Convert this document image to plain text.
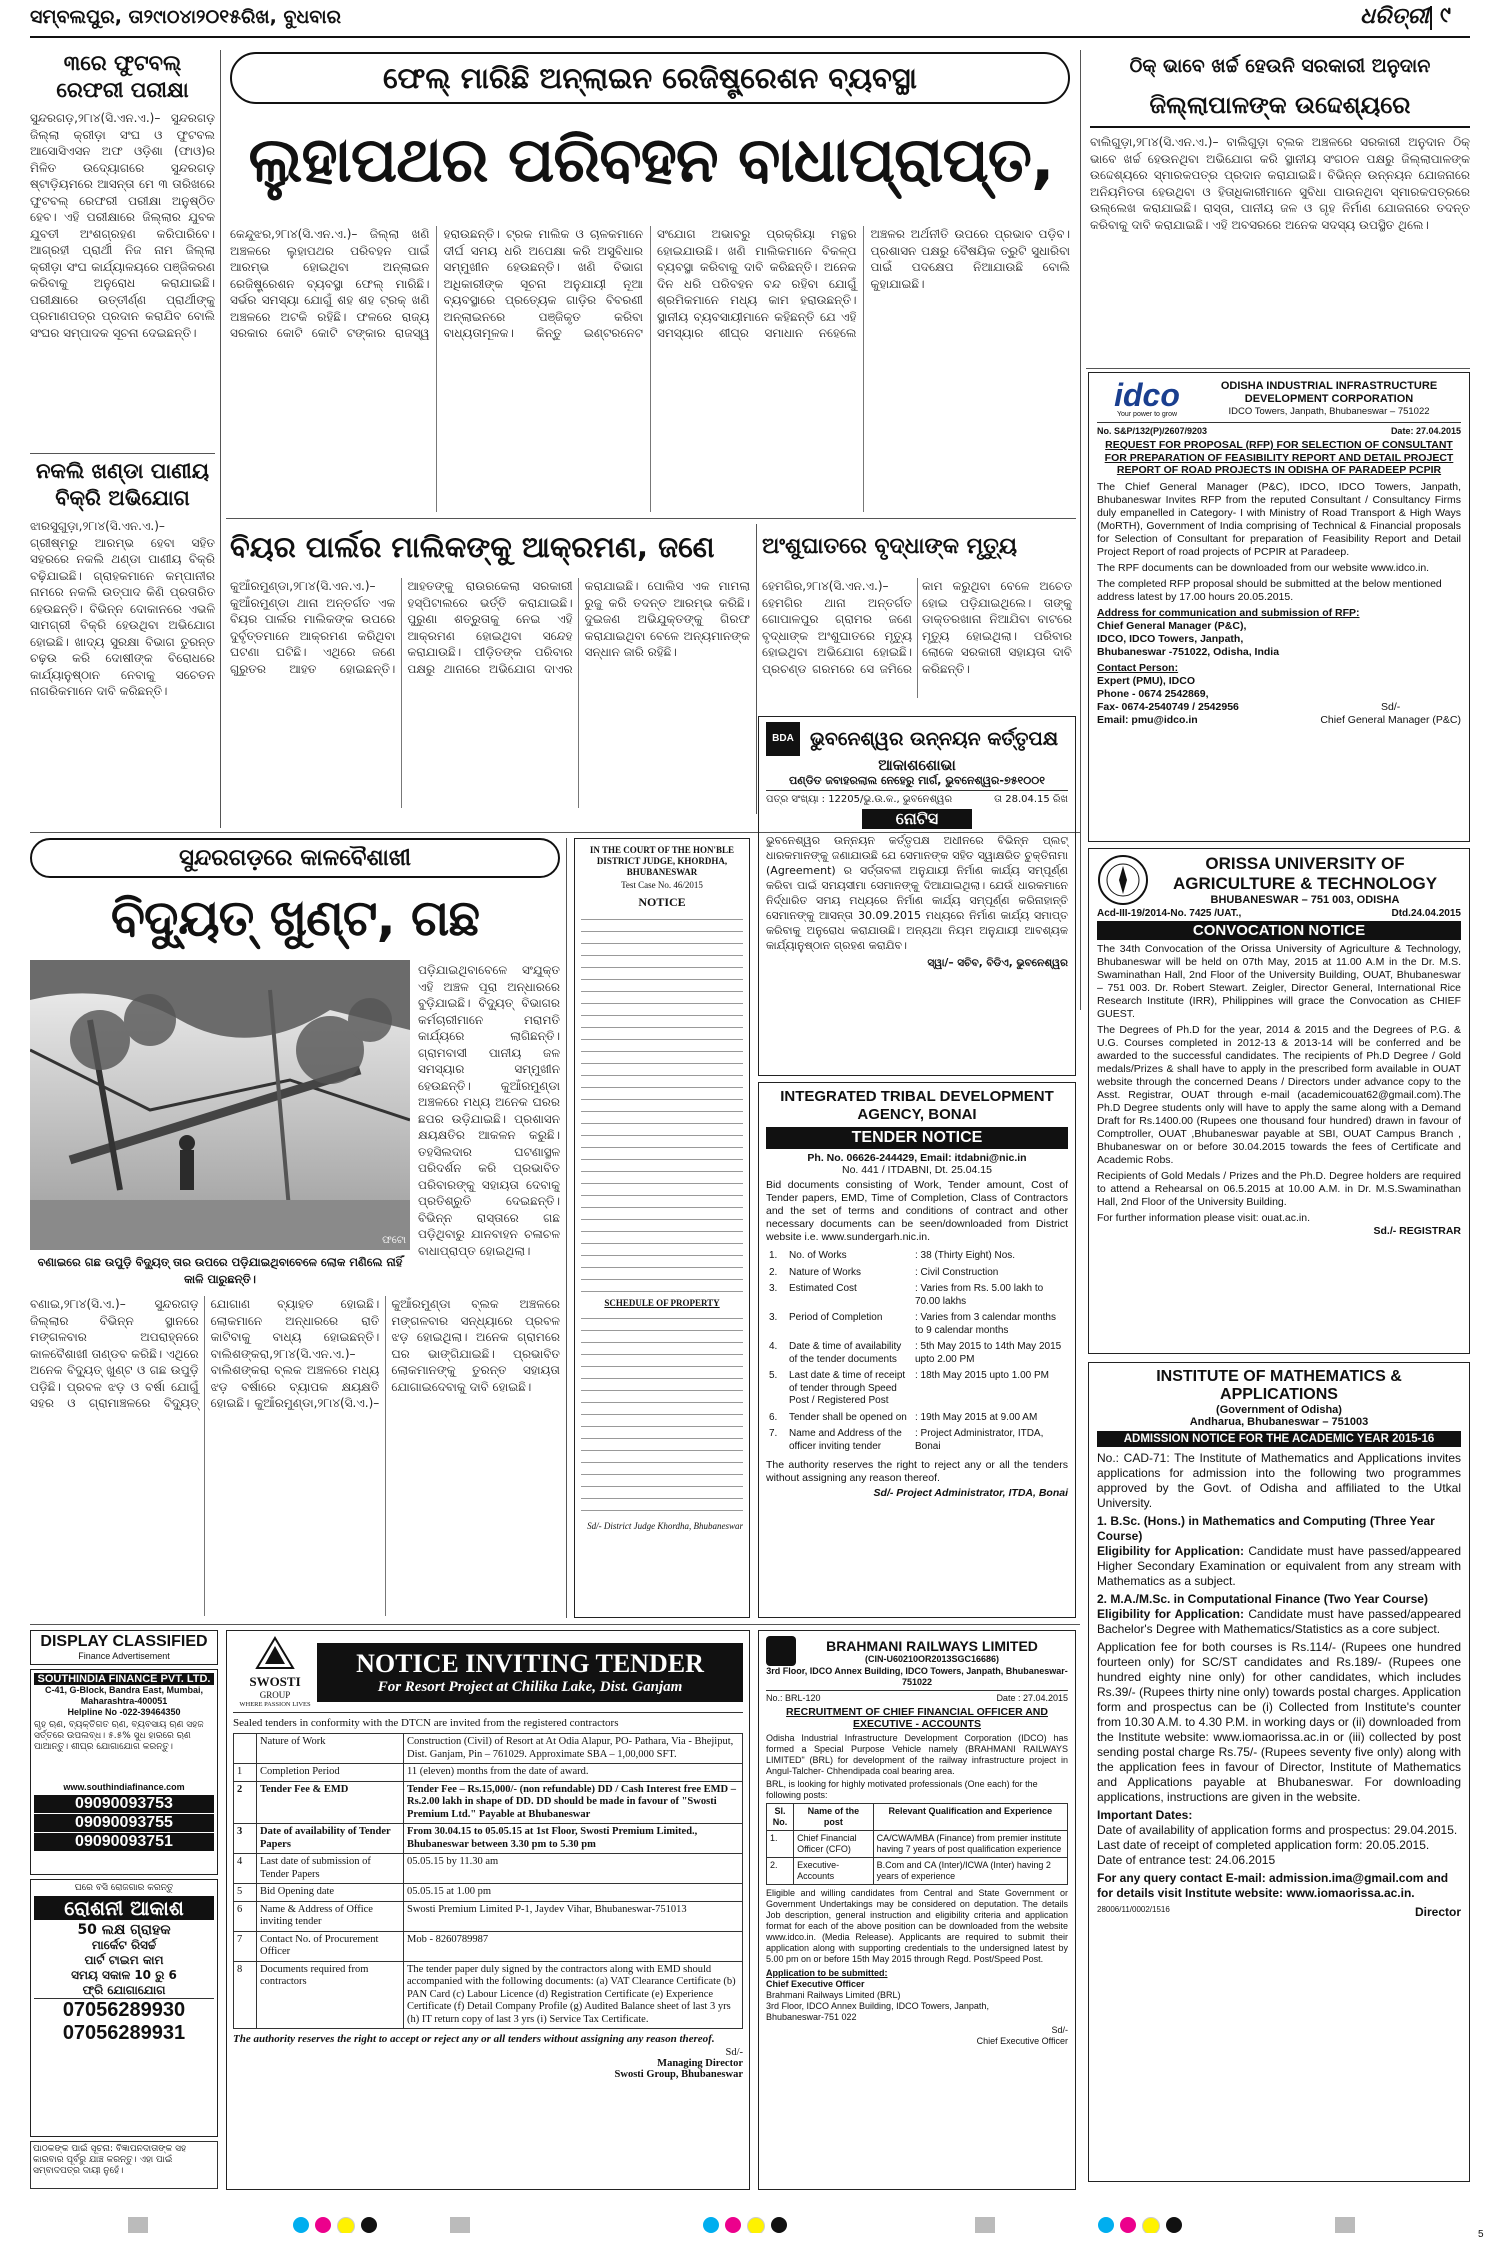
ସମ୍ବଲପୁର, ତା୨୯ାଠ୪ା୨୦୧୫ରିଖ, ବୁଧବାର	ଧରିତ୍ରୀ ୯
୩ରେ ଫୁଟବଲ୍ ରେଫରୀ ପରୀକ୍ଷା
ସୁନ୍ଦରଗଡ଼,୨୮ା୪(ସି.ଏନ.ଏ.)– ସୁନ୍ଦରଗଡ଼ ଜିଲ୍ଲା କ୍ରୀଡ଼ା ସଂଘ ଓ ଫୁଟବଲ ଆସୋସିଏସନ ଅଫ ଓଡ଼ିଶା (ଫାଓ)ର ମିଳିତ ଉଦ୍ୟୋଗରେ ସୁନ୍ଦରଗଡ଼ ଷ୍ଟାଡ଼ିୟମରେ ଆସନ୍ତା ମେ ୩ ତାରିଖରେ ଫୁଟବଲ୍ ରେଫରୀ ପରୀକ୍ଷା ଅନୁଷ୍ଠିତ ହେବ। ଏହି ପରୀକ୍ଷାରେ ଜିଲ୍ଲାର ଯୁବକ ଯୁବତୀ ଅଂଶଗ୍ରହଣ କରିପାରିବେ। ଆଗ୍ରହୀ ପ୍ରାର୍ଥୀ ନିଜ ନାମ ଜିଲ୍ଲା କ୍ରୀଡ଼ା ସଂଘ କାର୍ଯ୍ୟାଳୟରେ ପଞ୍ଜିକରଣ କରିବାକୁ ଅନୁରୋଧ କରାଯାଇଛି। ପରୀକ୍ଷାରେ ଉତ୍ତୀର୍ଣ୍ଣ ପ୍ରାର୍ଥୀଙ୍କୁ ପ୍ରମାଣପତ୍ର ପ୍ରଦାନ କରାଯିବ ବୋଲି ସଂଘର ସମ୍ପାଦକ ସୂଚନା ଦେଇଛନ୍ତି।
ନକଲି ଖଣ୍ଡା ପାଣୀୟ ବିକ୍ରି ଅଭିଯୋଗ
ଝାରସୁଗୁଡ଼ା,୨୮ା୪(ସି.ଏନ.ଏ.)– ଗ୍ରୀଷ୍ମରୁ ଆରମ୍ଭ ହେବା ସହିତ ସହରରେ ନକଲି ଥଣ୍ଡା ପାଣୀୟ ବିକ୍ରି ବଢ଼ିଯାଇଛି। ଗ୍ରାହକମାନେ କମ୍ପାନୀର ନାମରେ ନକଲି ଉତ୍ପାଦ କିଣି ପ୍ରତାରିତ ହେଉଛନ୍ତି। ବିଭିନ୍ନ ଦୋକାନରେ ଏଭଳି ସାମଗ୍ରୀ ବିକ୍ରି ହେଉଥିବା ଅଭିଯୋଗ ହୋଇଛି। ଖାଦ୍ୟ ସୁରକ୍ଷା ବିଭାଗ ତୁରନ୍ତ ଚଢ଼ଉ କରି ଦୋଷୀଙ୍କ ବିରୋଧରେ କାର୍ଯ୍ୟାନୁଷ୍ଠାନ ନେବାକୁ ସଚେତନ ନାଗରିକମାନେ ଦାବି କରିଛନ୍ତି।
ଫେଲ୍ ମାରିଛି ଅନ୍‌ଲାଇନ ରେଜିଷ୍ଟ୍ରେଶନ ବ୍ୟବସ୍ଥା
ଲୁହାପଥର ପରିବହନ ବାଧାପ୍ରାପ୍ତ,
କେନ୍ଦୁଝର,୨୮ା୪(ସି.ଏନ.ଏ.)– ଜିଲ୍ଲା ଖଣି ଅଞ୍ଚଳରେ ଲୁହାପଥର ପରିବହନ ପାଇଁ ଆରମ୍ଭ ହୋଇଥିବା ଅନ୍‌ଲାଇନ ରେଜିଷ୍ଟ୍ରେଶନ ବ୍ୟବସ୍ଥା ଫେଲ୍ ମାରିଛି। ସର୍ଭର ସମସ୍ୟା ଯୋଗୁଁ ଶହ ଶହ ଟ୍ରକ୍ ଖଣି ଅଞ୍ଚଳରେ ଅଟକି ରହିଛି। ଫଳରେ ରାଜ୍ୟ ସରକାର କୋଟି କୋଟି ଟଙ୍କାର ରାଜସ୍ୱ ହରାଉଛନ୍ତି। ଟ୍ରକ ମାଲିକ ଓ ଚାଳକମାନେ ଦୀର୍ଘ ସମୟ ଧରି ଅପେକ୍ଷା କରି ଅସୁବିଧାର ସମ୍ମୁଖୀନ ହେଉଛନ୍ତି। ଖଣି ବିଭାଗ ଅଧିକାରୀଙ୍କ ସୂଚନା ଅନୁଯାୟୀ ନୂଆ ବ୍ୟବସ୍ଥାରେ ପ୍ରତ୍ୟେକ ଗାଡ଼ିର ବିବରଣୀ ଅନ୍‌ଲାଇନରେ ପଞ୍ଜିକୃତ କରିବା ବାଧ୍ୟତାମୂଳକ। କିନ୍ତୁ ଇଣ୍ଟରନେଟ ସଂଯୋଗ ଅଭାବରୁ ପ୍ରକ୍ରିୟା ମନ୍ଥର ହୋଇଯାଉଛି। ଖଣି ମାଲିକମାନେ ବିକଳ୍ପ ବ୍ୟବସ୍ଥା କରିବାକୁ ଦାବି କରିଛନ୍ତି। ଅନେକ ଦିନ ଧରି ପରିବହନ ବନ୍ଦ ରହିବା ଯୋଗୁଁ ଶ୍ରମିକମାନେ ମଧ୍ୟ କାମ ହରାଉଛନ୍ତି। ସ୍ଥାନୀୟ ବ୍ୟବସାୟୀମାନେ କହିଛନ୍ତି ଯେ ଏହି ସମସ୍ୟାର ଶୀଘ୍ର ସମାଧାନ ନହେଲେ ଅଞ୍ଚଳର ଅର୍ଥନୀତି ଉପରେ ପ୍ରଭାବ ପଡ଼ିବ। ପ୍ରଶାସନ ପକ୍ଷରୁ ବୈଷୟିକ ତ୍ରୁଟି ସୁଧାରିବା ପାଇଁ ପଦକ୍ଷେପ ନିଆଯାଉଛି ବୋଲି କୁହାଯାଇଛି।
ବିୟର ପାର୍ଲର ମାଲିକଙ୍କୁ ଆକ୍ରମଣ, ଜଣେ
କୁଆଁରମୁଣ୍ଡା,୨୮ା୪(ସି.ଏନ.ଏ.)– କୁଆଁରମୁଣ୍ଡା ଥାନା ଅନ୍ତର୍ଗତ ଏକ ବିୟର ପାର୍ଲର ମାଲିକଙ୍କ ଉପରେ ଦୁର୍ବୃତ୍ତମାନେ ଆକ୍ରମଣ କରିଥିବା ଘଟଣା ଘଟିଛି। ଏଥିରେ ଜଣେ ଗୁରୁତର ଆହତ ହୋଇଛନ୍ତି। ଆହତଙ୍କୁ ରାଉରକେଲା ସରକାରୀ ହସ୍ପିଟାଲରେ ଭର୍ତ୍ତି କରାଯାଇଛି। ପୁରୁଣା ଶତ୍ରୁତାକୁ ନେଇ ଏହି ଆକ୍ରମଣ ହୋଇଥିବା ସନ୍ଦେହ କରାଯାଉଛି। ପୀଡ଼ିତଙ୍କ ପରିବାର ପକ୍ଷରୁ ଥାନାରେ ଅଭିଯୋଗ ଦାଏର କରାଯାଇଛି। ପୋଲିସ ଏକ ମାମଲା ରୁଜୁ କରି ତଦନ୍ତ ଆରମ୍ଭ କରିଛି। ଦୁଇଜଣ ଅଭିଯୁକ୍ତଙ୍କୁ ଗିରଫ କରାଯାଇଥିବା ବେଳେ ଅନ୍ୟମାନଙ୍କ ସନ୍ଧାନ ଜାରି ରହିଛି।
ଅଂଶୁଘାତରେ ବୃଦ୍ଧାଙ୍କ ମୃତ୍ୟୁ
ହେମଗିର,୨୮ା୪(ସି.ଏନ.ଏ.)– ହେମଗିର ଥାନା ଅନ୍ତର୍ଗତ ଗୋପାଳପୁର ଗ୍ରାମର ଜଣେ ବୃଦ୍ଧାଙ୍କ ଅଂଶୁଘାତରେ ମୃତ୍ୟୁ ହୋଇଥିବା ଅଭିଯୋଗ ହୋଇଛି। ପ୍ରଚଣ୍ଡ ଗରମରେ ସେ ଜମିରେ କାମ କରୁଥିବା ବେଳେ ଅଚେତ ହୋଇ ପଡ଼ିଯାଇଥିଲେ। ତାଙ୍କୁ ଡାକ୍ତରଖାନା ନିଆଯିବା ବାଟରେ ମୃତ୍ୟୁ ହୋଇଥିଲା। ପରିବାର ଲୋକେ ସରକାରୀ ସହାୟତା ଦାବି କରିଛନ୍ତି।
ଠିକ୍ ଭାବେ ଖର୍ଚ୍ଚ ହେଉନି ସରକାରୀ ଅନୁଦାନ
ଜିଲ୍ଲାପାଳଙ୍କ ଉଦ୍ଦେଶ୍ୟରେ
ବାଲିଗୁଡ଼ା,୨୮ା୪(ସି.ଏନ.ଏ.)– ବାଲିଗୁଡ଼ା ବ୍ଲକ ଅଞ୍ଚଳରେ ସରକାରୀ ଅନୁଦାନ ଠିକ୍ ଭାବେ ଖର୍ଚ୍ଚ ହେଉନଥିବା ଅଭିଯୋଗ କରି ସ୍ଥାନୀୟ ସଂଗଠନ ପକ୍ଷରୁ ଜିଲ୍ଲାପାଳଙ୍କ ଉଦ୍ଦେଶ୍ୟରେ ସ୍ମାରକପତ୍ର ପ୍ରଦାନ କରାଯାଇଛି। ବିଭିନ୍ନ ଉନ୍ନୟନ ଯୋଜନାରେ ଅନିୟମିତତା ହେଉଥିବା ଓ ହିତାଧିକାରୀମାନେ ସୁବିଧା ପାଉନଥିବା ସ୍ମାରକପତ୍ରରେ ଉଲ୍ଲେଖ କରାଯାଇଛି। ରାସ୍ତା, ପାନୀୟ ଜଳ ଓ ଗୃହ ନିର୍ମାଣ ଯୋଜନାରେ ତଦନ୍ତ କରିବାକୁ ଦାବି କରାଯାଇଛି। ଏହି ଅବସରରେ ଅନେକ ସଦସ୍ୟ ଉପସ୍ଥିତ ଥିଲେ।
idco
Your power to grow
ODISHA INDUSTRIAL INFRASTRUCTURE DEVELOPMENT CORPORATION
IDCO Towers, Janpath, Bhubaneswar – 751022
No. S&P/132(P)/2607/9203	Date: 27.04.2015
REQUEST FOR PROPOSAL (RFP) FOR SELECTION OF CONSULTANT FOR PREPARATION OF FEASIBILITY REPORT AND DETAIL PROJECT REPORT OF ROAD PROJECTS IN ODISHA OF PARADEEP PCPIR
The Chief General Manager (P&C), IDCO, IDCO Towers, Janpath, Bhubaneswar Invites RFP from the reputed Consultant / Consultancy Firms duly empanelled in Category- I with Ministry of Road Transport & High Ways (MoRTH), Government of India comprising of Technical & Financial proposals for Selection of Consultant for preparation of Feasibility Report and Detail Project Report of road projects of PCPIR at Paradeep.
The RPF documents can be downloaded from our website www.idco.in.
The completed RFP proposal should be submitted at the below mentioned address latest by 17.00 hours 20.05.2015.
Address for communication and submission of RFP:
Chief General Manager (P&C),
IDCO, IDCO Towers, Janpath,
Bhubaneswar -751022, Odisha, India
Contact Person:
Expert (PMU), IDCO
Phone - 0674 2542869,
Fax- 0674-2540749 / 2542956
Email: pmu@idco.in
Sd/-
Chief General Manager (P&C)
ସୁନ୍ଦରଗଡ଼ରେ କାଳବୈଶାଖୀ
ବିଦ୍ୟୁତ୍ ଖୁଣ୍ଟ, ଗଛ
ଫଟୋ
ବଣାଇରେ ଗଛ ଉପୁଡ଼ି ବିଦ୍ୟୁତ୍ ତାର ଉପରେ ପଡ଼ିଯାଇଥିବାବେଳେ ଲୋକ ମଣିଲେ ନାହିଁ କାଳି ପାରୁଛନ୍ତି।
ପଡ଼ିଯାଇଥିବାବେଳେ ସଂଯୁକ୍ତ ଏହି ଅଞ୍ଚଳ ପୂରା ଅନ୍ଧାରରେ ବୁଡ଼ିଯାଇଛି। ବିଦ୍ୟୁତ୍ ବିଭାଗର କର୍ମଚାରୀମାନେ ମରାମତି କାର୍ଯ୍ୟରେ ଲାଗିଛନ୍ତି। ଗ୍ରାମବାସୀ ପାନୀୟ ଜଳ ସମସ୍ୟାର ସମ୍ମୁଖୀନ ହେଉଛନ୍ତି। କୁଆଁରମୁଣ୍ଡା ଅଞ୍ଚଳରେ ମଧ୍ୟ ଅନେକ ଘରର ଛପର ଉଡ଼ିଯାଇଛି। ପ୍ରଶାସନ କ୍ଷୟକ୍ଷତିର ଆକଳନ କରୁଛି। ତହସିଲଦାର ଘଟଣାସ୍ଥଳ ପରିଦର୍ଶନ କରି ପ୍ରଭାବିତ ପରିବାରଙ୍କୁ ସହାୟତା ଦେବାକୁ ପ୍ରତିଶ୍ରୁତି ଦେଇଛନ୍ତି। ବିଭିନ୍ନ ରାସ୍ତାରେ ଗଛ ପଡ଼ିଥିବାରୁ ଯାନବାହନ ଚଳାଚଳ ବାଧାପ୍ରାପ୍ତ ହୋଇଥିଲା।
ବଣାଇ,୨୮ା୪(ସି.ଏ.)– ସୁନ୍ଦରଗଡ଼ ଜିଲ୍ଲାର ବିଭିନ୍ନ ସ୍ଥାନରେ ମଙ୍ଗଳବାର ଅପରାହ୍ନରେ କାଳବୈଶାଖୀ ତାଣ୍ଡବ କରିଛି। ଏଥିରେ ଅନେକ ବିଦ୍ୟୁତ୍ ଖୁଣ୍ଟ ଓ ଗଛ ଉପୁଡ଼ି ପଡ଼ିଛି। ପ୍ରବଳ ଝଡ଼ ଓ ବର୍ଷା ଯୋଗୁଁ ସହର ଓ ଗ୍ରାମାଞ୍ଚଳରେ ବିଦ୍ୟୁତ୍ ଯୋଗାଣ ବ୍ୟାହତ ହୋଇଛି। ଲୋକମାନେ ଅନ୍ଧାରରେ ରାତି କାଟିବାକୁ ବାଧ୍ୟ ହୋଇଛନ୍ତି। ବାଲିଶଙ୍କରା,୨୮ା୪(ସି.ଏନ.ଏ.)– ବାଲିଶଙ୍କରା ବ୍ଲକ ଅଞ୍ଚଳରେ ମଧ୍ୟ ଝଡ଼ ବର୍ଷାରେ ବ୍ୟାପକ କ୍ଷୟକ୍ଷତି ହୋଇଛି। କୁଆଁରମୁଣ୍ଡା,୨୮ା୪(ସି.ଏ.)– କୁଆଁରମୁଣ୍ଡା ବ୍ଲକ ଅଞ୍ଚଳରେ ମଙ୍ଗଳବାର ସନ୍ଧ୍ୟାରେ ପ୍ରବଳ ଝଡ଼ ହୋଇଥିଲା। ଅନେକ ଗ୍ରାମରେ ଘର ଭାଙ୍ଗିଯାଇଛି। ପ୍ରଭାବିତ ଲୋକମାନଙ୍କୁ ତୁରନ୍ତ ସହାୟତା ଯୋଗାଇଦେବାକୁ ଦାବି ହୋଇଛି।
IN THE COURT OF THE HON'BLE
DISTRICT JUDGE, KHORDHA,
BHUBANESWAR
Test Case No. 46/2015
NOTICE
SCHEDULE OF PROPERTY
Sd/- District Judge Khordha, Bhubaneswar
BDA ଭୁବନେଶ୍ୱର ଉନ୍ନୟନ କର୍ତ୍ତୃପକ୍ଷ
ଆକାଶଶୋଭା
ପଣ୍ଡିତ ଜବାହରଲାଲ ନେହେରୁ ମାର୍ଗ, ଭୁବନେଶ୍ୱର-୭୫୧୦୦୧
ପତ୍ର ସଂଖ୍ୟା : 12205/ଭୁ.ଉ.କ., ଭୁବନେଶ୍ୱର	ତା 28.04.15 ରିଖ
ନୋଟିସ
ଭୁବନେଶ୍ୱର ଉନ୍ନୟନ କର୍ତ୍ତୃପକ୍ଷ ଅଧୀନରେ ବିଭିନ୍ନ ପ୍ଲଟ୍ ଧାରକମାନଙ୍କୁ ଜଣାଯାଉଛି ଯେ ସେମାନଙ୍କ ସହିତ ସ୍ୱାକ୍ଷରିତ ଚୁକ୍ତିନାମା (Agreement) ର ସର୍ତ୍ତାବଳୀ ଅନୁଯାୟୀ ନିର୍ମାଣ କାର୍ଯ୍ୟ ସମ୍ପୂର୍ଣ୍ଣ କରିବା ପାଇଁ ସମୟସୀମା ସେମାନଙ୍କୁ ଦିଆଯାଇଥିଲା। ଯେଉଁ ଧାରକମାନେ ନିର୍ଦ୍ଧାରିତ ସମୟ ମଧ୍ୟରେ ନିର୍ମାଣ କାର୍ଯ୍ୟ ସମ୍ପୂର୍ଣ୍ଣ କରିନାହାନ୍ତି ସେମାନଙ୍କୁ ଆସନ୍ତା 30.09.2015 ମଧ୍ୟରେ ନିର୍ମାଣ କାର୍ଯ୍ୟ ସମାପ୍ତ କରିବାକୁ ଅନୁରୋଧ କରାଯାଉଛି। ଅନ୍ୟଥା ନିୟମ ଅନୁଯାୟୀ ଆବଶ୍ୟକ କାର୍ଯ୍ୟାନୁଷ୍ଠାନ ଗ୍ରହଣ କରାଯିବ।
ସ୍ୱା/– ସଚିବ, ବିଡିଏ, ଭୁବନେଶ୍ୱର
INTEGRATED TRIBAL DEVELOPMENT AGENCY, BONAI
TENDER NOTICE
Ph. No. 06626-244429, Email: itdabni@nic.in
No. 441 / ITDABNI, Dt. 25.04.15
Bid documents consisting of Work, Tender amount, Cost of Tender papers, EMD, Time of Completion, Class of Contractors and the set of terms and conditions of contract and other necessary documents can be seen/downloaded from District website i.e. www.sundergarh.nic.in.
1.	No. of Works	: 38 (Thirty Eight) Nos.
2.	Nature of Works	: Civil Construction
3.	Estimated Cost	: Varies from Rs. 5.00 lakh to 70.00 lakhs
3.	Period of Completion	: Varies from 3 calendar months to 9 calendar months
4.	Date & time of availability of the tender documents	: 5th May 2015 to 14th May 2015 upto 2.00 PM
5.	Last date & time of receipt of tender through Speed Post / Registered Post	: 18th May 2015 upto 1.00 PM
6.	Tender shall be opened on	: 19th May 2015 at 9.00 AM
7.	Name and Address of the officer inviting tender	: Project Administrator, ITDA, Bonai
The authority reserves the right to reject any or all the tenders without assigning any reason thereof.
Sd/- Project Administrator, ITDA, Bonai
ORISSA UNIVERSITY OF
AGRICULTURE & TECHNOLOGY
BHUBANESWAR – 751 003, ODISHA
Acd-III-19/2014-No. 7425 /UAT.,	Dtd.24.04.2015
CONVOCATION NOTICE
The 34th Convocation of the Orissa University of Agriculture & Technology, Bhubaneswar will be held on 07th May, 2015 at 11.00 A.M in the Dr. M.S. Swaminathan Hall, 2nd Floor of the University Building, OUAT, Bhubaneswar – 751 003. Dr. Robert Stewart. Zeigler, Director General, International Rice Research Institute (IRR), Philippines will grace the Convocation as CHIEF GUEST.
The Degrees of Ph.D for the year, 2014 & 2015 and the Degrees of P.G. & U.G. Courses completed in 2012-13 & 2013-14 will be conferred and be awarded to the successful candidates. The recipients of Ph.D Degree / Gold medals/Prizes & shall have to apply in the prescribed form available in OUAT website through the concerned Deans / Directors under advance copy to the Asst. Registrar, OUAT through e-mail (academicouat62@gmail.com).The Ph.D Degree students only will have to apply the same along with a Demand Draft for Rs.1400.00 (Rupees one thousand four hundred) drawn in favour of Comptroller, OUAT ,Bhubaneswar payable at SBI, OUAT Campus Branch , Bhubaneswar on or before 30.04.2015 towards the fees of Certificate and Academic Robs.
Recipients of Gold Medals / Prizes and the Ph.D. Degree holders are required to attend a Rehearsal on 06.5.2015 at 10.00 A.M. in Dr. M.S.Swaminathan Hall, 2nd Floor of the University Building.
For further information please visit: ouat.ac.in.
Sd./- REGISTRAR
INSTITUTE OF MATHEMATICS & APPLICATIONS
(Government of Odisha)
Andharua, Bhubaneswar – 751003
ADMISSION NOTICE FOR THE ACADEMIC YEAR 2015-16
No.: CAD-71: The Institute of Mathematics and Applications invites applications for admission into the following two programmes approved by the Govt. of Odisha and affiliated to the Utkal University.
1. B.Sc. (Hons.) in Mathematics and Computing (Three Year Course)
Eligibility for Application: Candidate must have passed/appeared Higher Secondary Examination or equivalent from any stream with Mathematics as a subject.
2. M.A./M.Sc. in Computational Finance (Two Year Course)
Eligibility for Application: Candidate must have passed/appeared Bachelor's Degree with Mathematics/Statistics as a core subject.
Application fee for both courses is Rs.114/- (Rupees one hundred fourteen only) for SC/ST candidates and Rs.189/- (Rupees one hundred eighty nine only) for other candidates, which includes Rs.39/- (Rupees thirty nine only) towards postal charges. Application form and prospectus can be (i) Collected from Institute's counter from 10.30 A.M. to 4.30 P.M. in working days or (ii) downloaded from the Institute website: www.iomaorissa.ac.in or (iii) collected by post sending postal charge Rs.75/- (Rupees seventy five only) along with the application fees in favour of Director, Institute of Mathematics and Applications payable at Bhubaneswar. For downloading applications, instructions are given in the website.
Important Dates:
Date of availability of application forms and prospectus: 29.04.2015.
Last date of receipt of completed application form: 20.05.2015.
Date of entrance test: 24.06.2015
For any query contact E-mail: admission.ima@gmail.com and for details visit Institute website: www.iomaorissa.ac.in.
28006/11/0002/1516	Director
DISPLAY CLASSIFIED
Finance Advertisement
SOUTHINDIA FINANCE PVT. LTD.
C-41, G-Block, Bandra East, Mumbai, Maharashtra-400051
Helpline No -022-39464350
ଗୃହ ଋଣ, ବ୍ୟକ୍ତିଗତ ଋଣ, ବ୍ୟବସାୟ ଋଣ ସହଜ ସର୍ତ୍ତରେ ଉପଲବ୍ଧ। ୫.୫% ସୁଧ ହାରରେ ଋଣ ପାଆନ୍ତୁ। ଶୀଘ୍ର ଯୋଗାଯୋଗ କରନ୍ତୁ।
www.southindiafinance.com
09090093753
09090093755
09090093751
ଘରେ ବସି ରୋଜଗାର କରନ୍ତୁ
ରୋଶନୀ ଆକାଶ
50 ଲକ୍ଷ ଗ୍ରାହକ
ମାର୍କେଟ ରିସର୍ଚ୍ଚ
ପାର୍ଟ ଟାଇମ କାମ
ସମୟ ସକାଳ 10 ରୁ 6
ଫ୍ରି ଯୋଗାଯୋଗ
07056289930
07056289931
ପାଠକଙ୍କ ପାଇଁ ସୂଚନା: ବିଜ୍ଞାପନଦାତାଙ୍କ ସହ କାରବାର ପୂର୍ବରୁ ଯାଞ୍ଚ କରନ୍ତୁ। ଏହା ପାଇଁ ସମ୍ବାଦପତ୍ର ଦାୟୀ ନୁହେଁ।
SWOSTI
GROUP
WHERE PASSION LIVES
NOTICE INVITING TENDER
For Resort Project at Chilika Lake, Dist. Ganjam
Sealed tenders in conformity with the DTCN are invited from the registered contractors
	Nature of Work	Construction (Civil) of Resort at At Odia Alapur, PO- Pathara, Via - Bhejiput, Dist. Ganjam, Pin – 761029. Approximate SBA – 1,00,000 SFT.
1	Completion Period	11 (eleven) months from the date of award.
2	Tender Fee & EMD	Tender Fee – Rs.15,000/- (non refundable) DD / Cash Interest free EMD – Rs.2.00 lakh in shape of DD. DD should be made in favour of "Swosti Premium Ltd." Payable at Bhubaneswar
3	Date of availability of Tender Papers	From 30.04.15 to 05.05.15 at 1st Floor, Swosti Premium Limited., Bhubaneswar between 3.30 pm to 5.30 pm
4	Last date of submission of Tender Papers	05.05.15 by 11.30 am
5	Bid Opening date	05.05.15 at 1.00 pm
6	Name & Address of Office inviting tender	Swosti Premium Limited P-1, Jaydev Vihar, Bhubaneswar-751013
7	Contact No. of Procurement Officer	Mob - 8260789987
8	Documents required from contractors	The tender paper duly signed by the contractors along with EMD should accompanied with the following documents: (a) VAT Clearance Certificate (b) PAN Card (c) Labour Licence (d) Registration Certificate (e) Experience Certificate (f) Detail Company Profile (g) Audited Balance sheet of last 3 yrs (h) IT return copy of last 3 yrs (i) Service Tax Certificate.
The authority reserves the right to accept or reject any or all tenders without assigning any reason thereof.
Sd/-
Managing Director
Swosti Group, Bhubaneswar
BRAHMANI RAILWAYS LIMITED
(CIN-U60210OR2013SGC16686)
3rd Floor, IDCO Annex Building, IDCO Towers, Janpath, Bhubaneswar-751022
No.: BRL-120	Date : 27.04.2015
RECRUITMENT OF CHIEF FINANCIAL OFFICER AND EXECUTIVE - ACCOUNTS
Odisha Industrial Infrastructure Development Corporation (IDCO) has formed a Special Purpose Vehicle namely (BRAHMANI RAILWAYS LIMITED" (BRL) for development of the railway infrastructure project in Angul-Talcher- Chhendipada coal bearing area.
BRL, is looking for highly motivated professionals (One each) for the following posts:
Sl. No.	Name of the post	Relevant Qualification and Experience
1.	Chief Financial Officer (CFO)	CA/CWA/MBA (Finance) from premier institute having 7 years of post qualification experience
2.	Executive- Accounts	B.Com and CA (Inter)/ICWA (Inter) having 2 years of experience
Eligible and willing candidates from Central and State Government or Government Undertakings may be considered on deputation. The details Job description, general instruction and eligibility criteria and application format for each of the above position can be downloaded from the website www.idco.in. (Media Release). Applicants are required to submit their application along with supporting credentials to the undersigned latest by 5.00 pm on or before 15th May 2015 through Regd. Post/Speed Post.
Application to be submitted:
Chief Executive Officer
Brahmani Railways Limited (BRL)
3rd Floor, IDCO Annex Building, IDCO Towers, Janpath,
Bhubaneswar-751 022
Sd/-
Chief Executive Officer
5
